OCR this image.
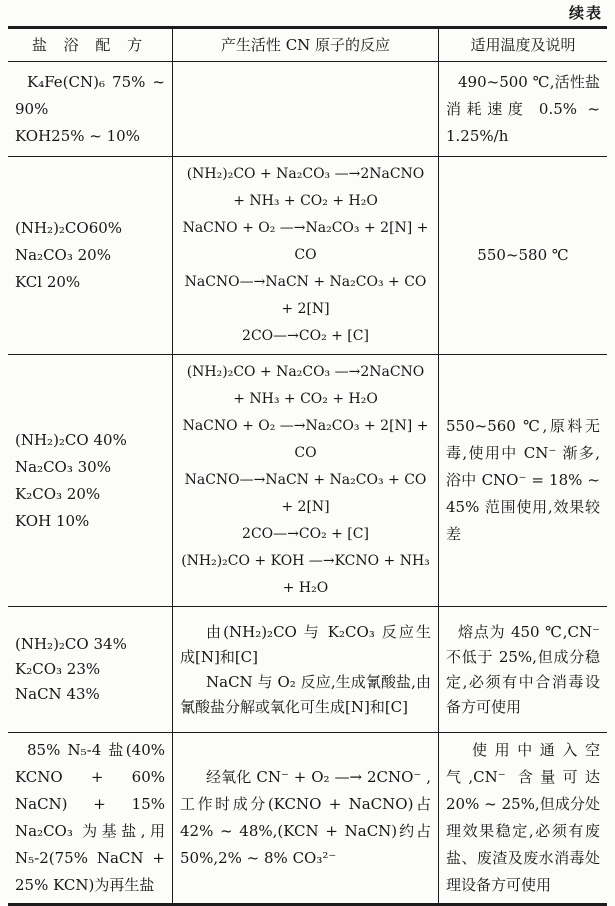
续表
盐 浴 配 方	产生活性 CN 原子的反应	适用温度及说明

K₄Fe(CN)₆ 75% ~ 90%
KOH25% ~ 10%

490~500 ℃,活性盐消耗速度 0.5% ~ 1.25%/h

(NH₂)₂CO60%
Na₂CO₃ 20%
KCl 20%

(NH₂)₂CO + Na₂CO₃ —→2NaCNO + NH₃ + CO₂ + H₂O
NaCNO + O₂ —→Na₂CO₃ + 2[N] + CO
NaCNO—→NaCN + Na₂CO₃ + CO + 2[N]
2CO—→CO₂ + [C]

550~580 ℃

(NH₂)₂CO 40%
Na₂CO₃ 30%
K₂CO₃ 20%
KOH 10%

(NH₂)₂CO + Na₂CO₃ —→2NaCNO + NH₃ + CO₂ + H₂O
NaCNO + O₂ —→Na₂CO₃ + 2[N] + CO
NaCNO—→NaCN + Na₂CO₃ + CO + 2[N]
2CO—→CO₂ + [C]
(NH₂)₂CO + KOH —→KCNO + NH₃ + H₂O

550~560 ℃,原料无毒,使用中 CN⁻ 渐多,浴中 CNO⁻ = 18% ~ 45% 范围使用,效果较差

(NH₂)₂CO 34%
K₂CO₃ 23%
NaCN 43%

由(NH₂)₂CO 与 K₂CO₃ 反应生成[N]和[C]
NaCN 与 O₂ 反应,生成氰酸盐,由氰酸盐分解或氧化可生成[N]和[C]

熔点为 450 ℃,CN⁻ 不低于 25%,但成分稳定,必须有中合消毒设备方可使用

85% N₅-4 盐(40% KCNO + 60% NaCN) + 15% Na₂CO₃ 为基盐,用 N₅-2(75% NaCN + 25% KCN)为再生盐

经氧化 CN⁻ + O₂ —→ 2CNO⁻ ,工作时成分(KCNO + NaCNO)占 42% ~ 48%,(KCN + NaCN)约占 50%,2% ~ 8% CO₃²⁻

使用中通入空气,CN⁻ 含量可达 20% ~ 25%,但成分处理效果稳定,必须有废盐、废渣及废水消毒处理设备方可使用
